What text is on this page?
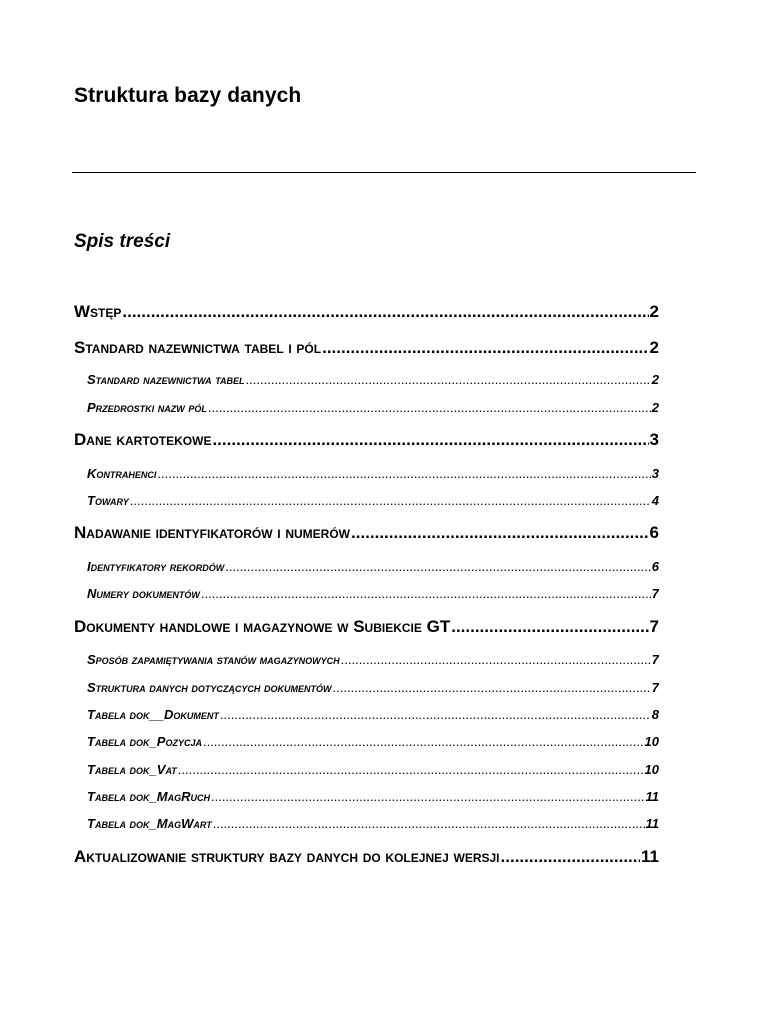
Struktura bazy danych
Spis treści
Wstęp .....	2
Standard nazewnictwa tabel i pól .....	2
Standard nazewnictwa tabel .....	2
Przedrostki nazw pól .....	2
Dane kartotekowe .....	3
Kontrahenci .....	3
Towary .....	4
Nadawanie identyfikatorów i numerów .....	6
Identyfikatory rekordów .....	6
Numery dokumentów .....	7
Dokumenty handlowe i magazynowe w Subiekcie GT .....	7
Sposób zapamiętywania stanów magazynowych .....	7
Struktura danych dotyczących dokumentów .....	7
Tabela dok__Dokument .....	8
Tabela dok_Pozycja .....	10
Tabela dok_Vat .....	10
Tabela dok_MagRuch .....	11
Tabela dok_MagWart .....	11
Aktualizowanie struktury bazy danych do kolejnej wersji .....	11
